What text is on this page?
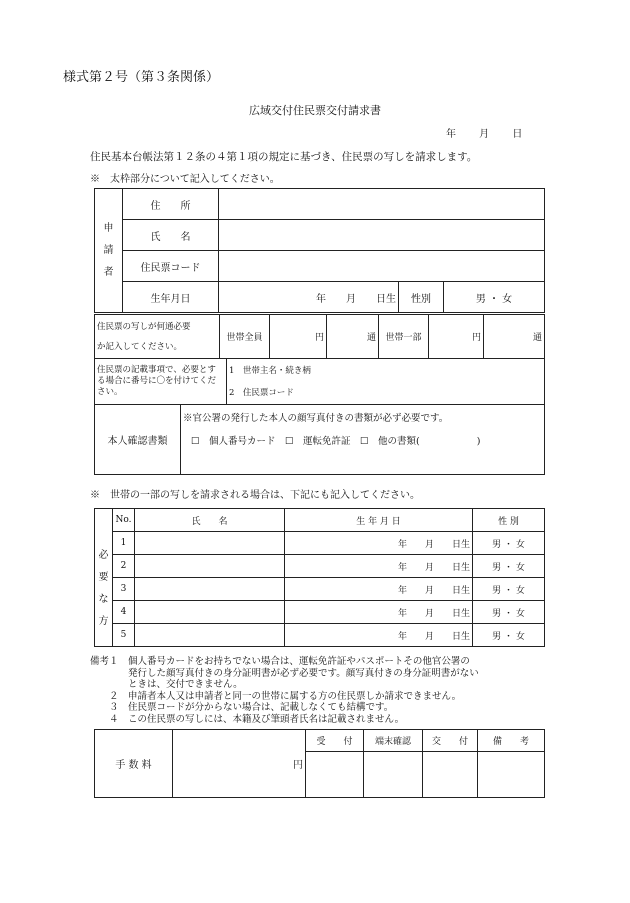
様式第２号（第３条関係）
広域交付住民票交付請求書
年 月 日
住民基本台帳法第１２条の４第１項の規定に基づき、住民票の写しを請求します。
※　太枠部分について記入してください。
申
請
者	住　　所			
	氏　　名			
	住民票コード			
	生年月日	年　　月　　日生	性別	男 ・ 女
住民票の写しが何通必要
か記入してください。
	世帯全員	円	通	世帯一部	円	通
住民票の記載事項で、必要とする場合に番号に〇を付けてください。	
1　世帯主名・続き柄
2　住民票コード
本人確認書類	
※官公署の発行した本人の顔写真付きの書類が必ず必要です。
☐　個人番号カード　☐　運転免許証　☐　他の書類(　　　　　　)
※　世帯の一部の写しを請求される場合は、下記にも記入してください。
必
要
な
方	No.	氏　　名	生 年 月 日	性 別
	1		年　　月　　日生	男 ・ 女
	2		年　　月　　日生	男 ・ 女
	3		年　　月　　日生	男 ・ 女
	4		年　　月　　日生	男 ・ 女
	5		年　　月　　日生	男 ・ 女
備考１　個人番号カードをお持ちでない場合は、運転免許証やパスポートその他官公署の
　　　　発行した顔写真付きの身分証明書が必ず必要です。顔写真付きの身分証明書がない
　　　　ときは、交付できません。
　　２　申請者本人又は申請者と同一の世帯に属する方の住民票しか請求できません。
　　３　住民票コードが分からない場合は、記載しなくても結構です。
　　４　この住民票の写しには、本籍及び筆頭者氏名は記載されません。
手 数 料	円	受　　付	端末確認	交　　付	備　　考
